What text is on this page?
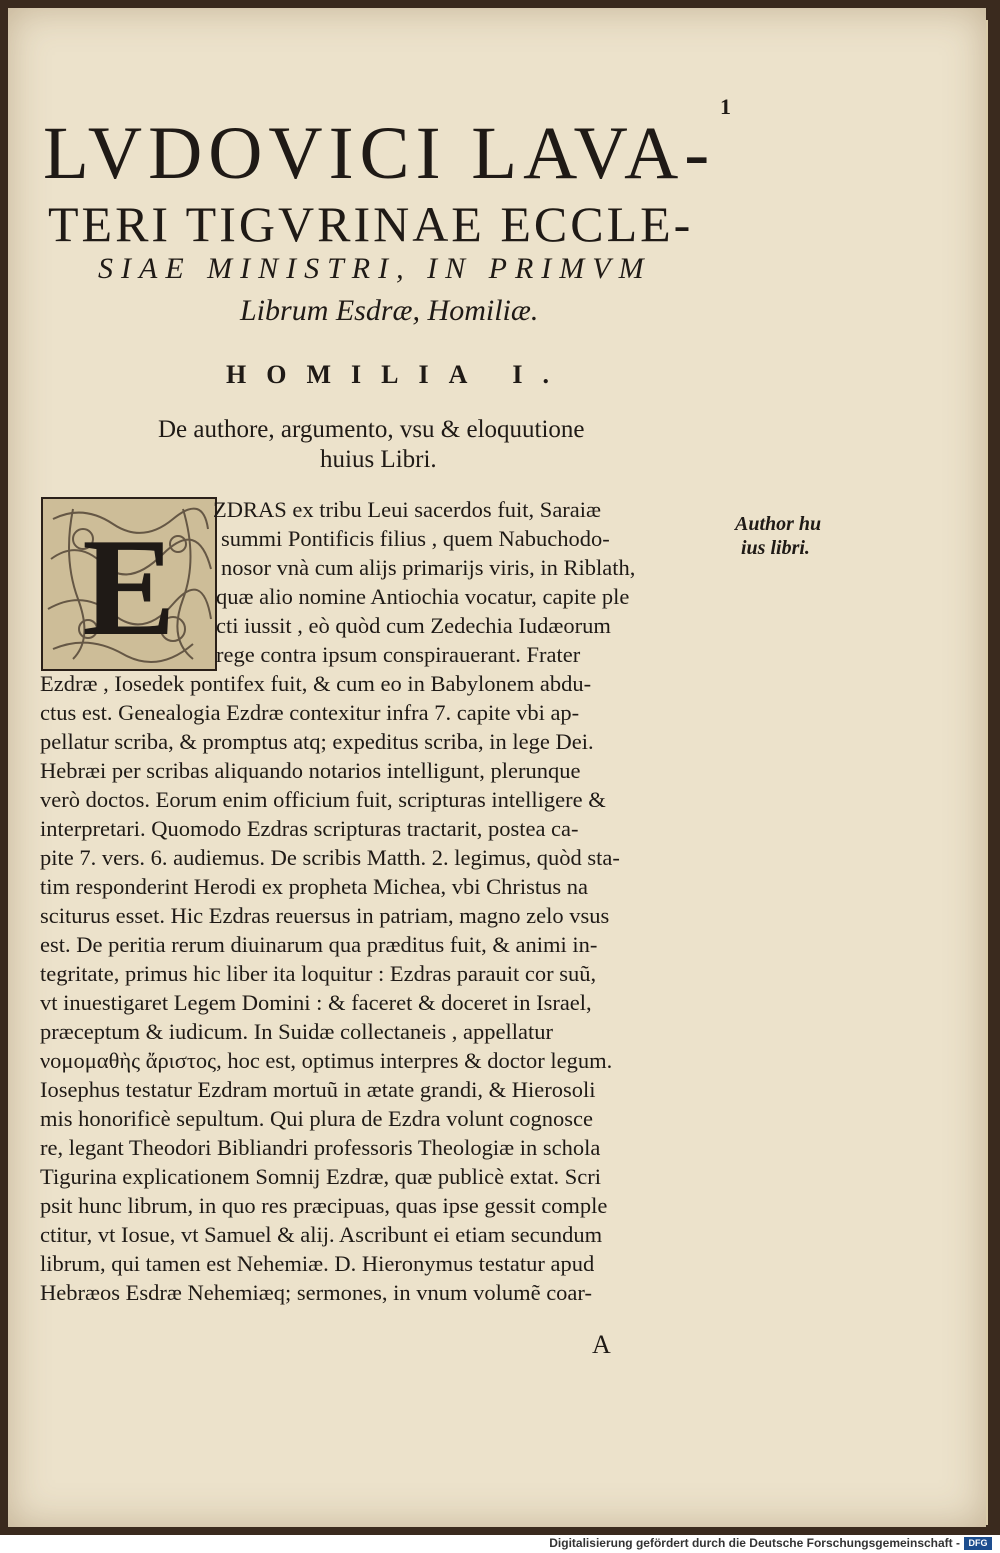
1
LVDOVICI LAVA-
TERI TIGVRINAE ECCLE-
SIAE MINISTRI, IN PRIMVM
Librum Esdræ, Homiliæ.
HOMILIA I.
De authore, argumento, vsu & eloquutione
huius Libri.
E
ZDRAS ex tribu Leui sacerdos fuit, Saraiæ
summi Pontificis filius , quem Nabuchodo-
nosor vnà cum alijs primarijs viris, in Riblath,
quæ alio nomine Antiochia vocatur, capite ple
cti iussit , eò quòd cum Zedechia Iudæorum
rege contra ipsum conspirauerant. Frater
Ezdræ , Iosedek pontifex fuit, & cum eo in Babylonem abdu-
ctus est. Genealogia Ezdræ contexitur infra 7. capite vbi ap-
pellatur scriba, & promptus atq; expeditus scriba, in lege Dei.
Hebræi per scribas aliquando notarios intelligunt, plerunque
verò doctos. Eorum enim officium fuit, scripturas intelligere &
interpretari. Quomodo Ezdras scripturas tractarit, postea ca-
pite 7. vers. 6. audiemus. De scribis Matth. 2. legimus, quòd sta-
tim responderint Herodi ex propheta Michea, vbi Christus na
sciturus esset. Hic Ezdras reuersus in patriam, magno zelo vsus
est. De peritia rerum diuinarum qua præditus fuit, & animi in-
tegritate, primus hic liber ita loquitur : Ezdras parauit cor suũ,
vt inuestigaret Legem Domini : & faceret & doceret in Israel,
præceptum & iudicum. In Suidæ collectaneis , appellatur
νομομαθὴς ἄριστος, hoc est, optimus interpres & doctor legum.
Iosephus testatur Ezdram mortuũ in ætate grandi, & Hierosoli
mis honorificè sepultum. Qui plura de Ezdra volunt cognosce
re, legant Theodori Bibliandri professoris Theologiæ in schola
Tigurina explicationem Somnij Ezdræ, quæ publicè extat. Scri
psit hunc librum, in quo res præcipuas, quas ipse gessit comple
ctitur, vt Iosue, vt Samuel & alij. Ascribunt ei etiam secundum
librum, qui tamen est Nehemiæ. D. Hieronymus testatur apud
Hebræos Esdræ Nehemiæq; sermones, in vnum volumẽ coar-
Author hu
ius libri.
A
Digitalisierung gefördert durch die Deutsche Forschungsgemeinschaft - DFG
